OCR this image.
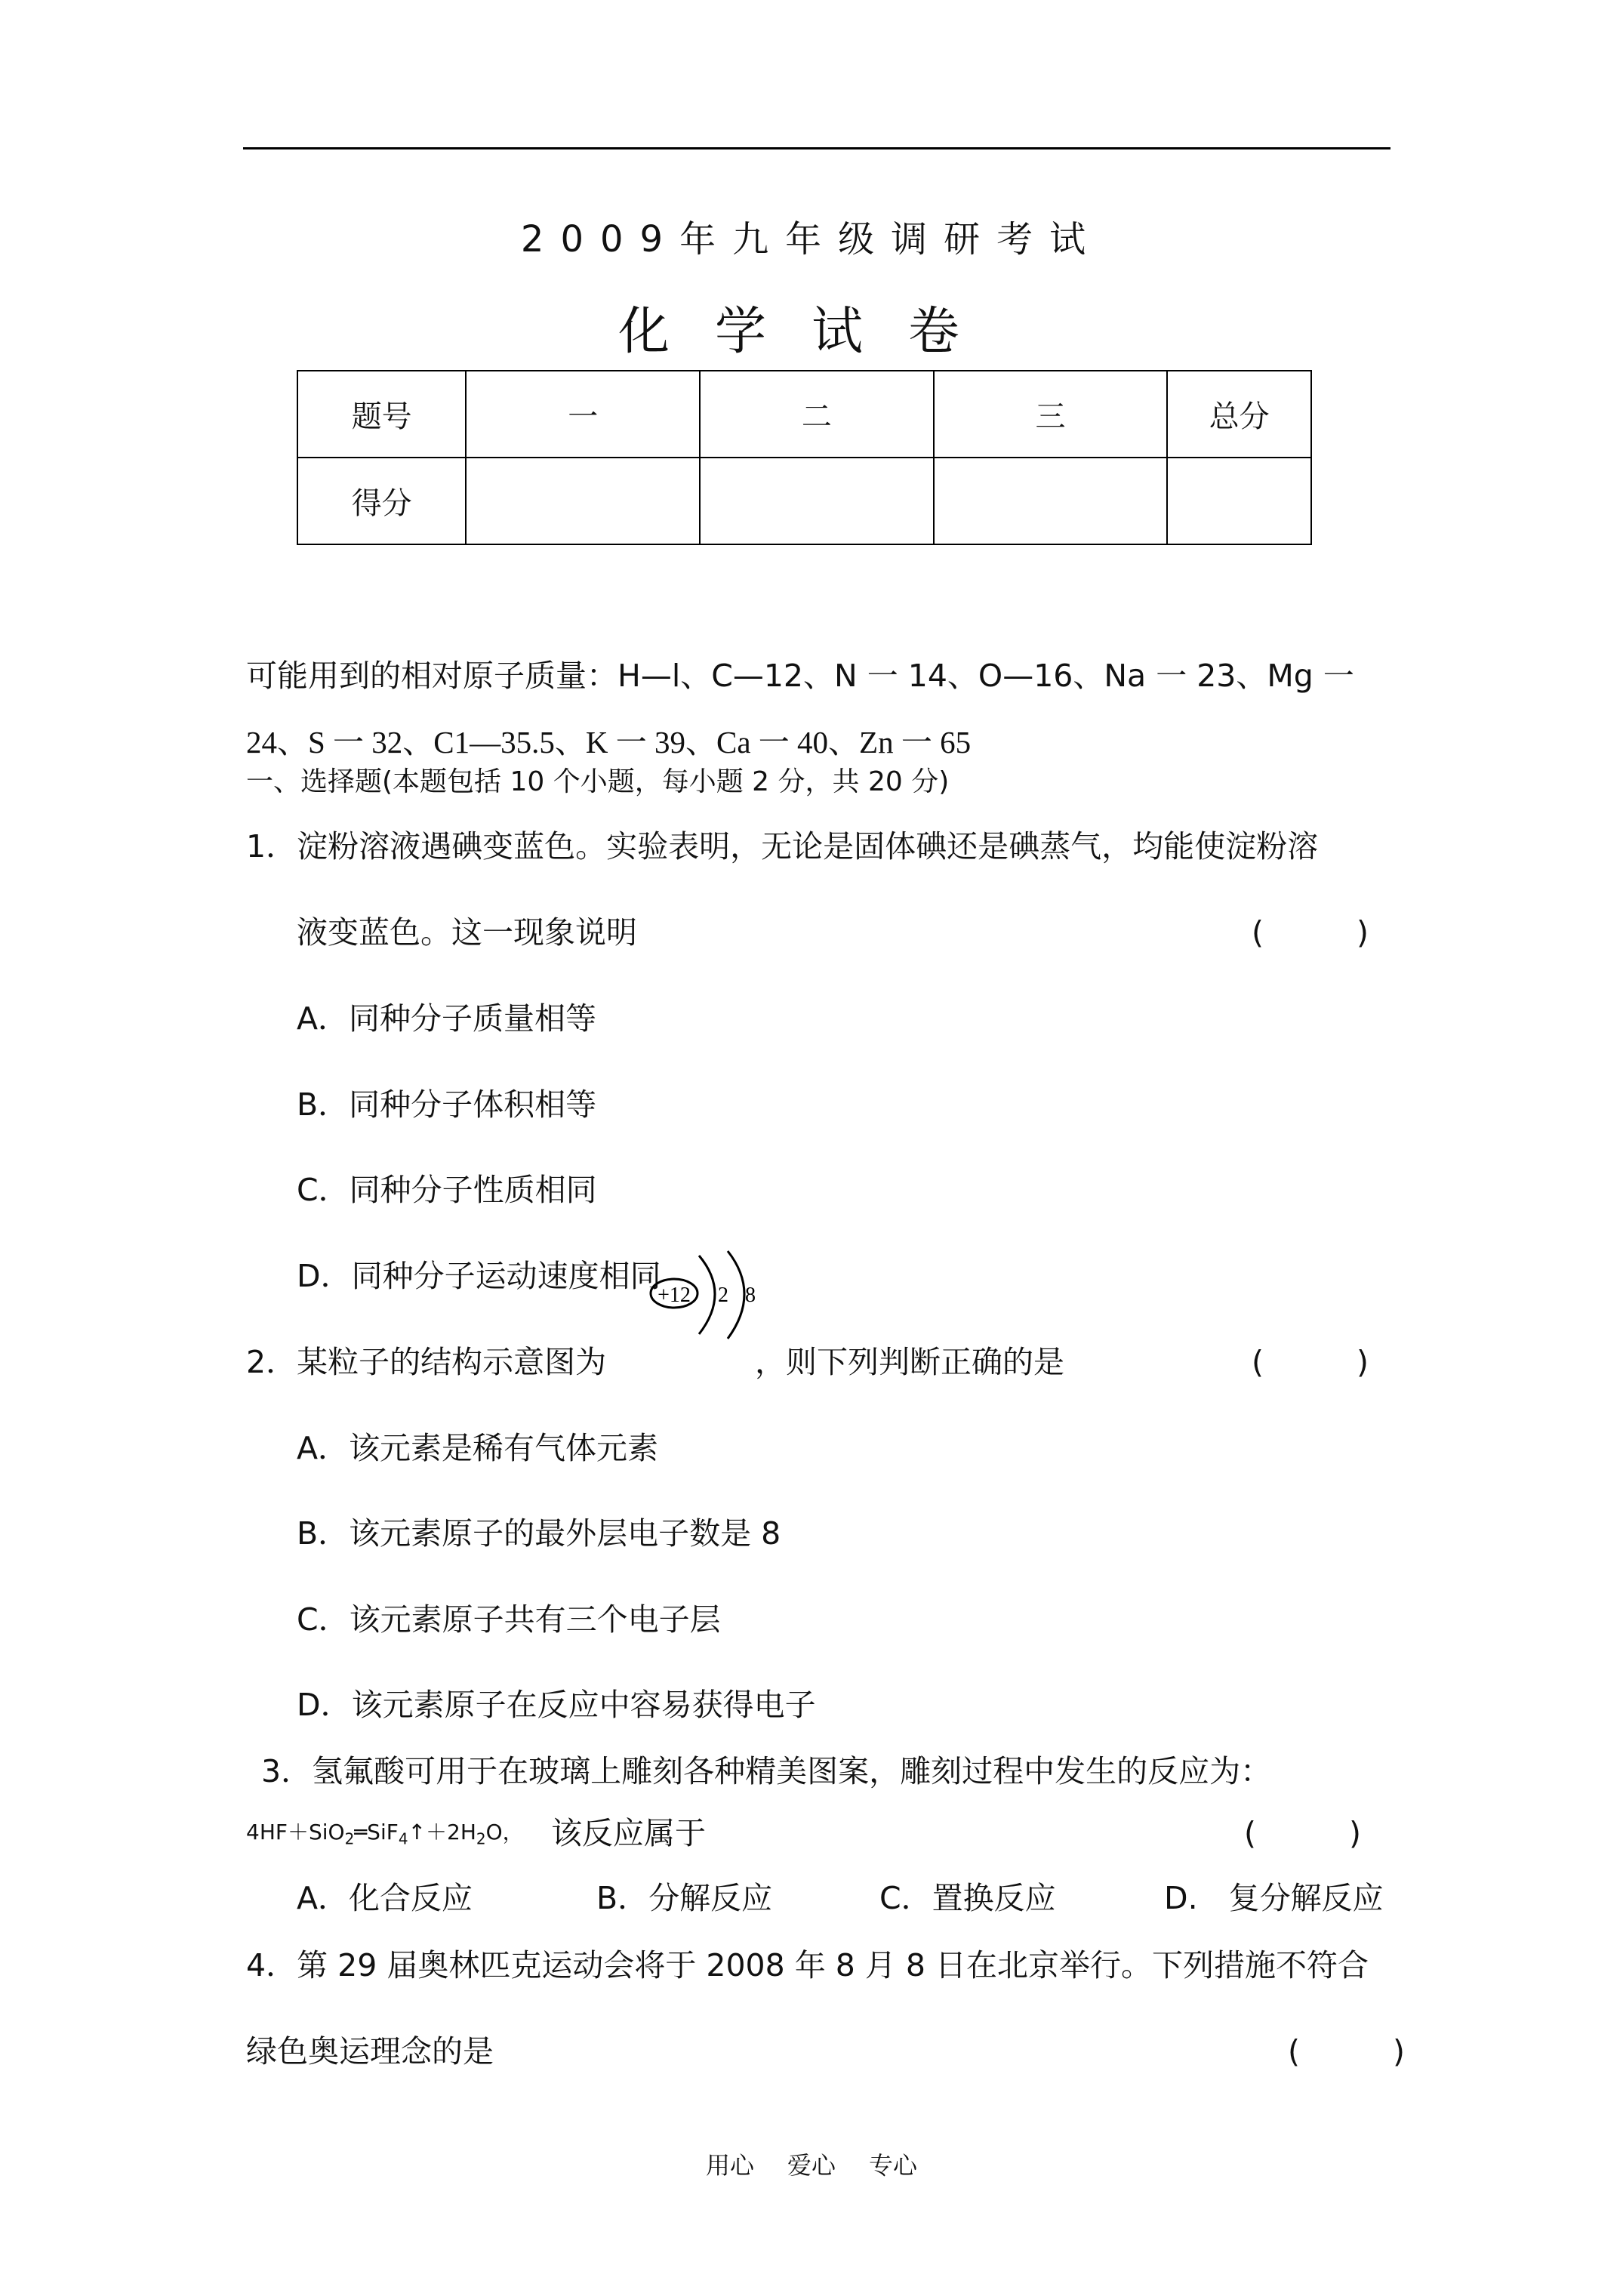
2009年九年级调研考试
化学试卷
题号	一	二	三	总分
得分				
可能用到的相对原子质量：H—l、C—12、N 一 14、O—16、Na 一 23、Mg 一
24、S 一 32、C1—35.5、K 一 39、Ca 一 40、Zn 一 65
一、选择题(本题包括 10 个小题，每小题 2 分，共 20 分)
1．淀粉溶液遇碘变蓝色。实验表明，无论是固体碘还是碘蒸气，均能使淀粉溶
液变蓝色。这一现象说明	(　　　)
A．同种分子质量相等
B．同种分子体积相等
C．同种分子性质相同
D．同种分子运动速度相同
+12 2 8
2．某粒子的结构示意图为	，则下列判断正确的是	(　　　)
A．该元素是稀有气体元素
B．该元素原子的最外层电子数是 8
C．该元素原子共有三个电子层
D．该元素原子在反应中容易获得电子
3．氢氟酸可用于在玻璃上雕刻各种精美图案，雕刻过程中发生的反应为：
$4HF+SiO_2═SiF_4↑+2H_2O$， 该反应属于	(　　　)
A．化合反应	B．分解反应	C．置换反应	D.　复分解反应
4．第 29 届奥林匹克运动会将于 2008 年 8 月 8 日在北京举行。下列措施不符合
绿色奥运理念的是	(　　　)
用心 爱心 专心
